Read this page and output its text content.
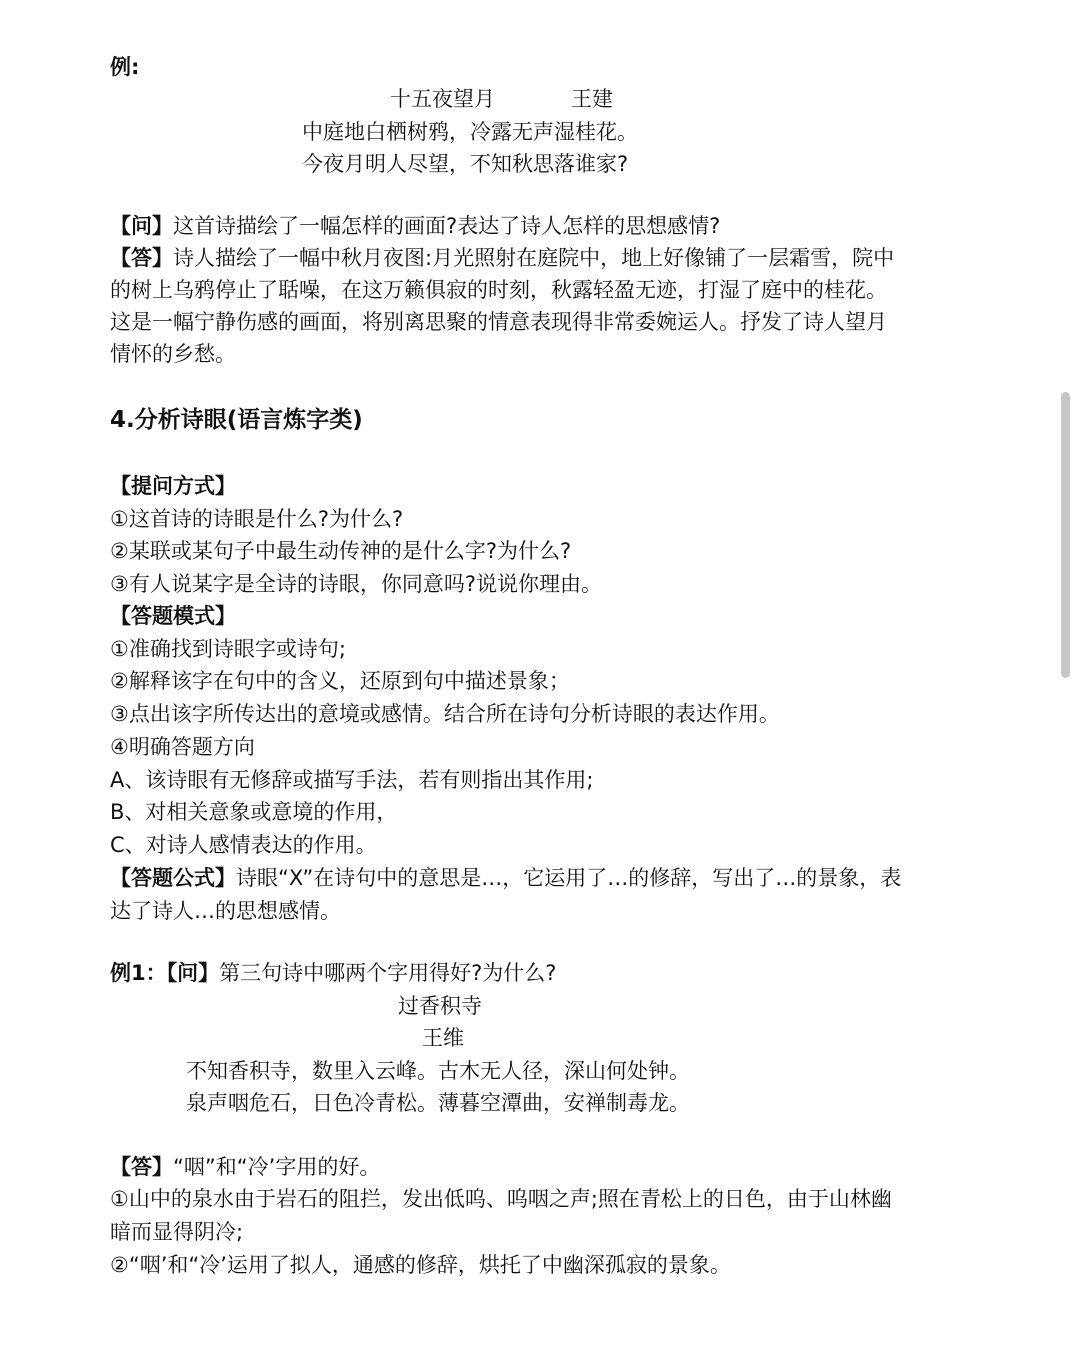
例:
十五夜望月	王建
中庭地白栖树鸦，冷露无声湿桂花。
今夜月明人尽望，不知秋思落谁家?
【问】这首诗描绘了一幅怎样的画面?表达了诗人怎样的思想感情?
【答】诗人描绘了一幅中秋月夜图:月光照射在庭院中，地上好像铺了一层霜雪，院中
的树上乌鸦停止了聒噪，在这万籁俱寂的时刻，秋露轻盈无迹，打湿了庭中的桂花。
这是一幅宁静伤感的画面，将别离思聚的情意表现得非常委婉运人。抒发了诗人望月
情怀的乡愁。
4.分析诗眼(语言炼字类)
【提问方式】
①这首诗的诗眼是什么?为什么?
②某联或某句子中最生动传神的是什么字?为什么?
③有人说某字是全诗的诗眼，你同意吗?说说你理由。
【答题模式】
①准确找到诗眼字或诗句;
②解释该字在句中的含义，还原到句中描述景象；
③点出该字所传达出的意境或感情。结合所在诗句分析诗眼的表达作用。
④明确答题方向
A、该诗眼有无修辞或描写手法，若有则指出其作用;
B、对相关意象或意境的作用，
C、对诗人感情表达的作用。
【答题公式】诗眼“X”在诗句中的意思是…，它运用了…的修辞，写出了…的景象，表
达了诗人…的思想感情。
例1：【问】第三句诗中哪两个字用得好?为什么?
过香积寺
王维
不知香积寺，数里入云峰。古木无人径，深山何处钟。
泉声咽危石，日色冷青松。薄暮空潭曲，安禅制毒龙。
【答】“咽”和“冷’字用的好。
①山中的泉水由于岩石的阻拦，发出低呜、呜咽之声;照在青松上的日色，由于山林幽
暗而显得阴冷;
②“咽’和“冷’运用了拟人，通感的修辞，烘托了中幽深孤寂的景象。
